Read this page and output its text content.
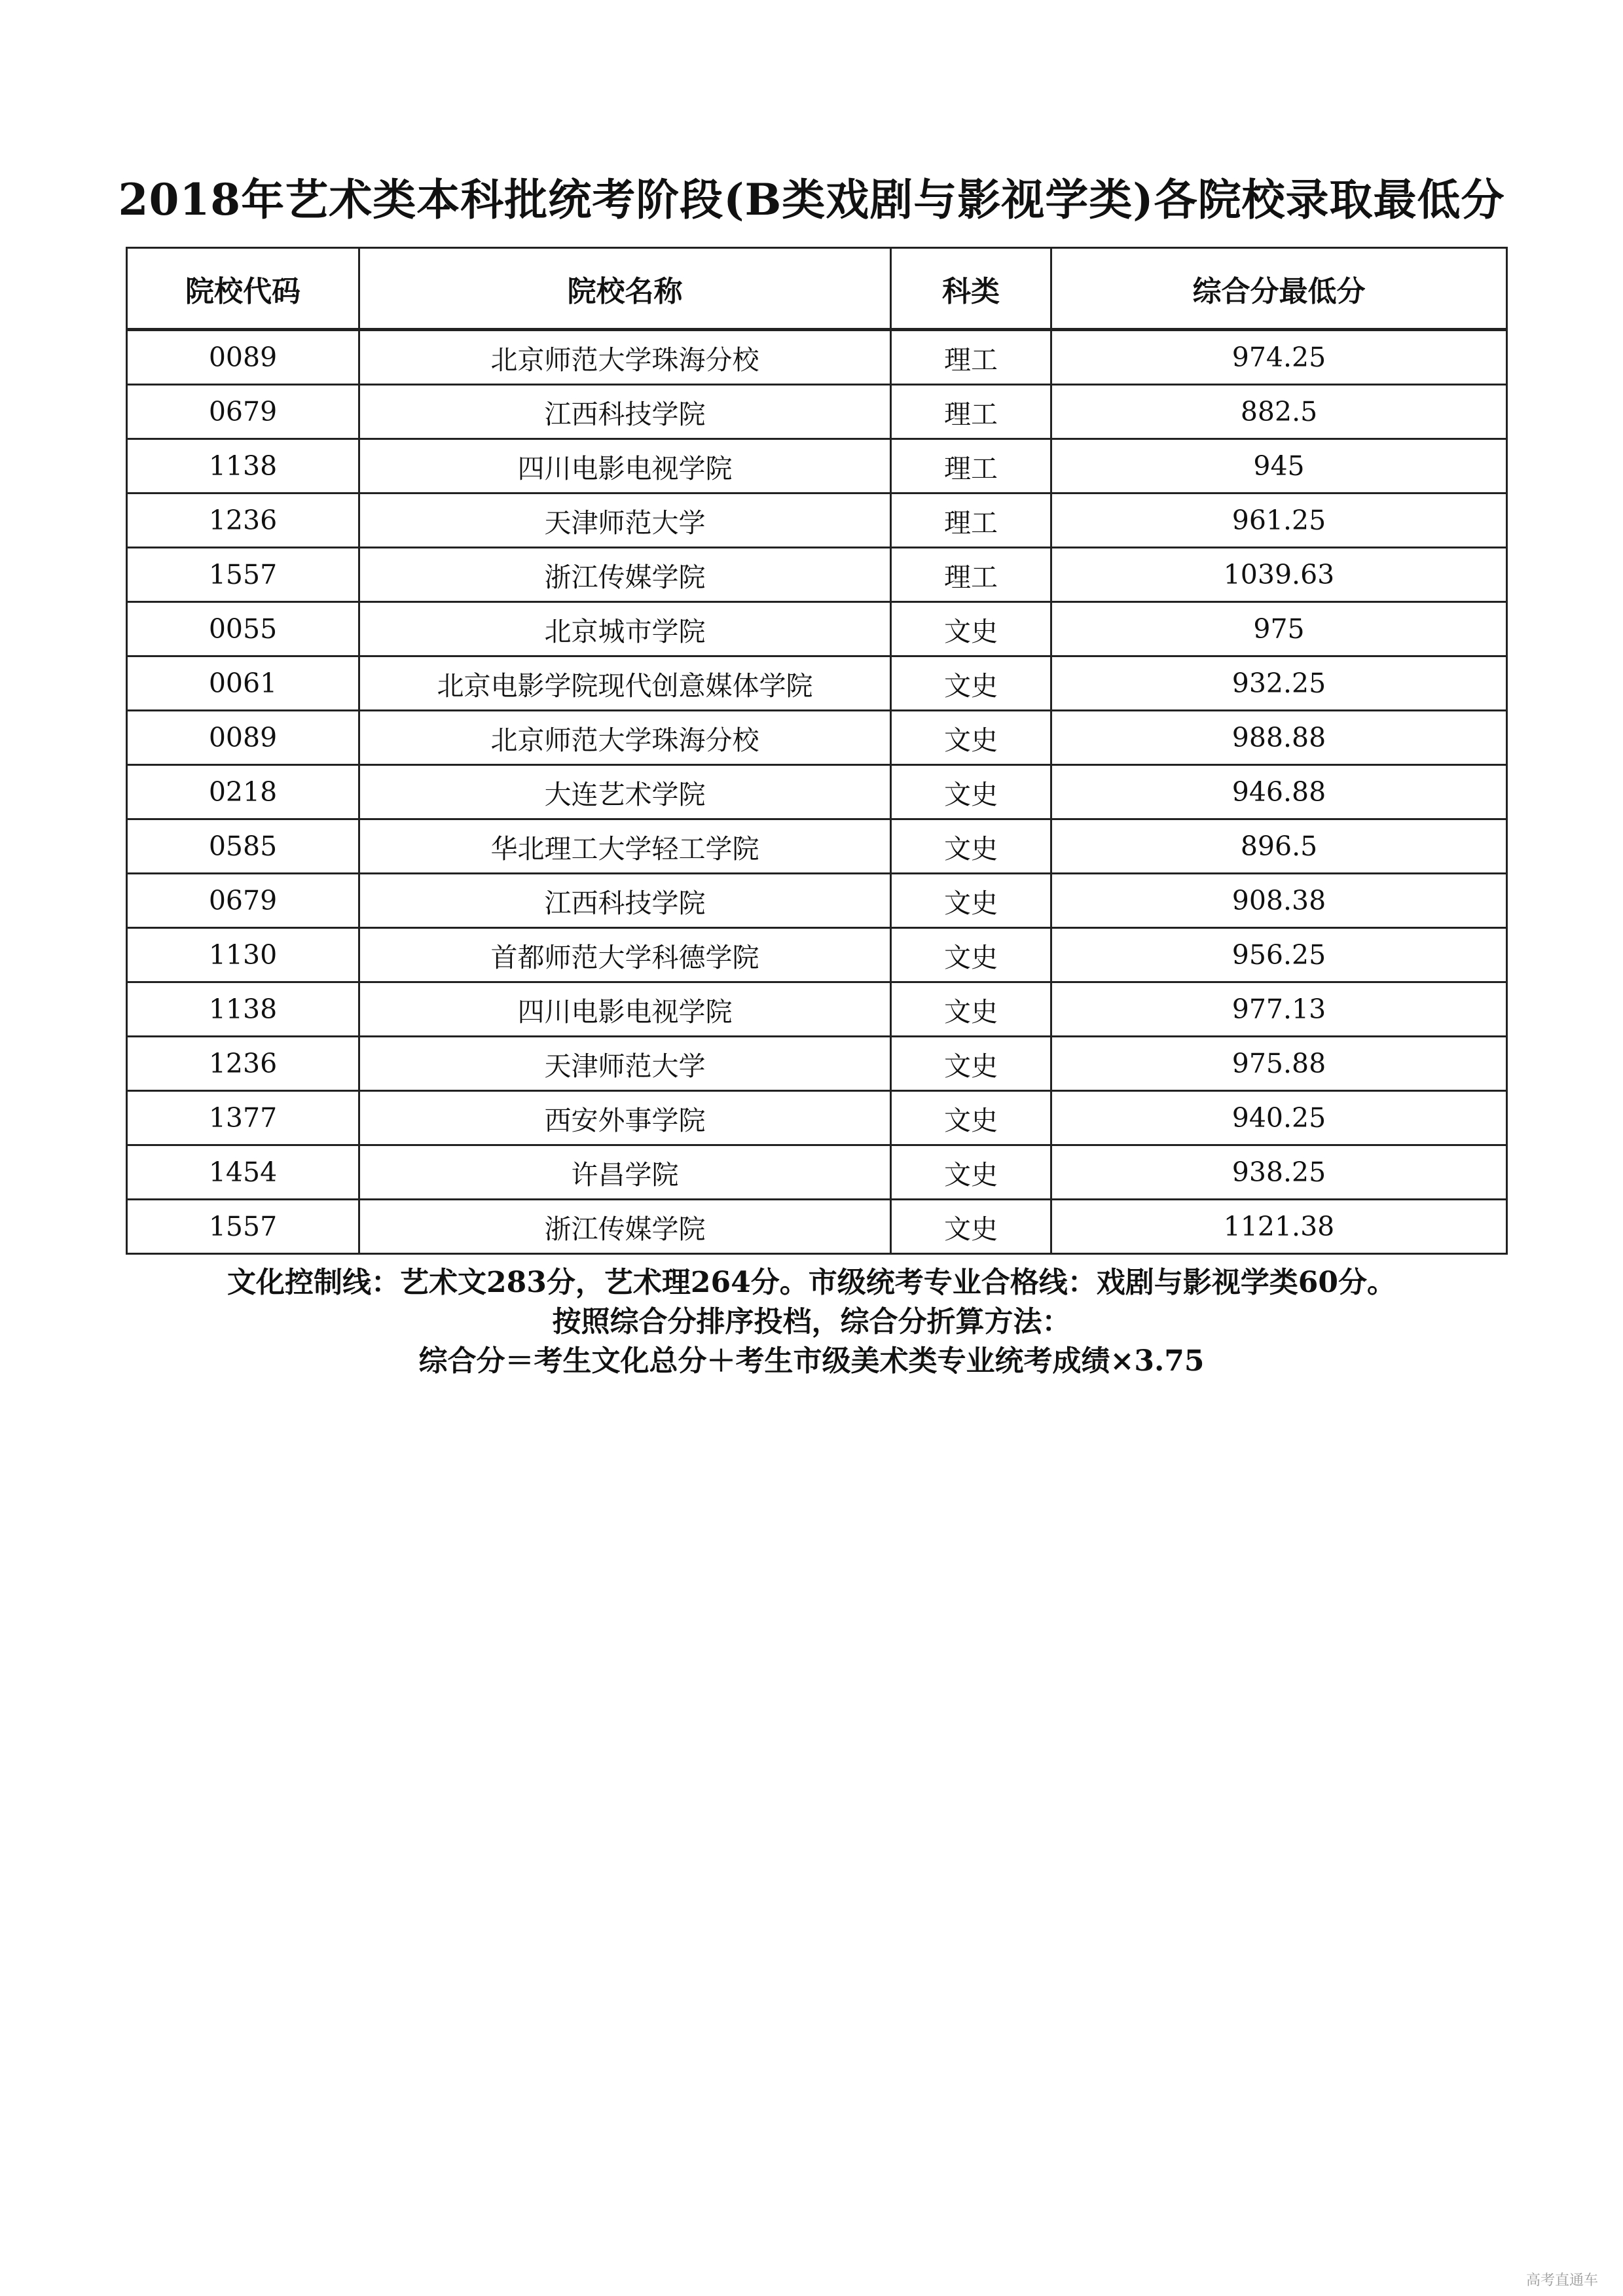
2018年艺术类本科批统考阶段(B类戏剧与影视学类)各院校录取最低分
院校代码	院校名称	科类	综合分最低分
0089	北京师范大学珠海分校	理工	974.25
0679	江西科技学院	理工	882.5
1138	四川电影电视学院	理工	945
1236	天津师范大学	理工	961.25
1557	浙江传媒学院	理工	1039.63
0055	北京城市学院	文史	975
0061	北京电影学院现代创意媒体学院	文史	932.25
0089	北京师范大学珠海分校	文史	988.88
0218	大连艺术学院	文史	946.88
0585	华北理工大学轻工学院	文史	896.5
0679	江西科技学院	文史	908.38
1130	首都师范大学科德学院	文史	956.25
1138	四川电影电视学院	文史	977.13
1236	天津师范大学	文史	975.88
1377	西安外事学院	文史	940.25
1454	许昌学院	文史	938.25
1557	浙江传媒学院	文史	1121.38
文化控制线：艺术文283分，艺术理264分。市级统考专业合格线：戏剧与影视学类60分。
按照综合分排序投档，综合分折算方法：
综合分＝考生文化总分＋考生市级美术类专业统考成绩×3.75
高考直通车
